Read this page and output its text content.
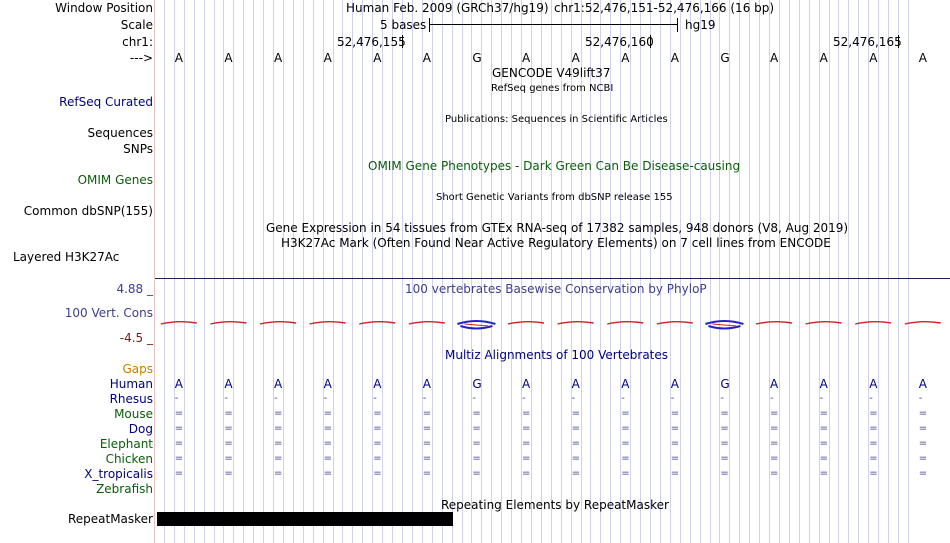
Window Position	Human Feb. 2009 (GRCh37/hg19) chr1:52,476,151-52,476,166 (16 bp)
Scale	5 bases	hg19
chr1:	52,476,155	52,476,160	52,476,165
---> A	A	A	A	A	A	G	A	A	A	A	G	A	A	A	A
GENCODE V49lift37
RefSeq genes from NCBI
RefSeq Curated
Publications: Sequences in Scientific Articles
Sequences
SNPs
OMIM Gene Phenotypes - Dark Green Can Be Disease-causing
OMIM Genes
Short Genetic Variants from dbSNP release 155
Common dbSNP(155)
Gene Expression in 54 tissues from GTEx RNA-seq of 17382 samples, 948 donors (V8, Aug 2019)
H3K27Ac Mark (Often Found Near Active Regulatory Elements) on 7 cell lines from ENCODE
Layered H3K27Ac
100 vertebrates Basewise Conservation by PhyloP
4.88 _
100 Vert. Cons
-4.5 _
Multiz Alignments of 100 Vertebrates
Gaps
Human A	A	A	A	A	A	G	A	A	A	A	G	A	A	A	A
Rhesus -	-	-	-	-	-	-	-	-	-	-	-	-	-	-	-
Mouse =	=	=	=	=	=	=	=	=	=	=	=	=	=	=	=
Dog =	=	=	=	=	=	=	=	=	=	=	=	=	=	=	=
Elephant =	=	=	=	=	=	=	=	=	=	=	=	=	=	=	=
Chicken =	=	=	=	=	=	=	=	=	=	=	=	=	=	=	=
X_tropicalis =	=	=	=	=	=	=	=	=	=	=	=	=	=	=	=
Zebrafish
Repeating Elements by RepeatMasker
RepeatMasker
